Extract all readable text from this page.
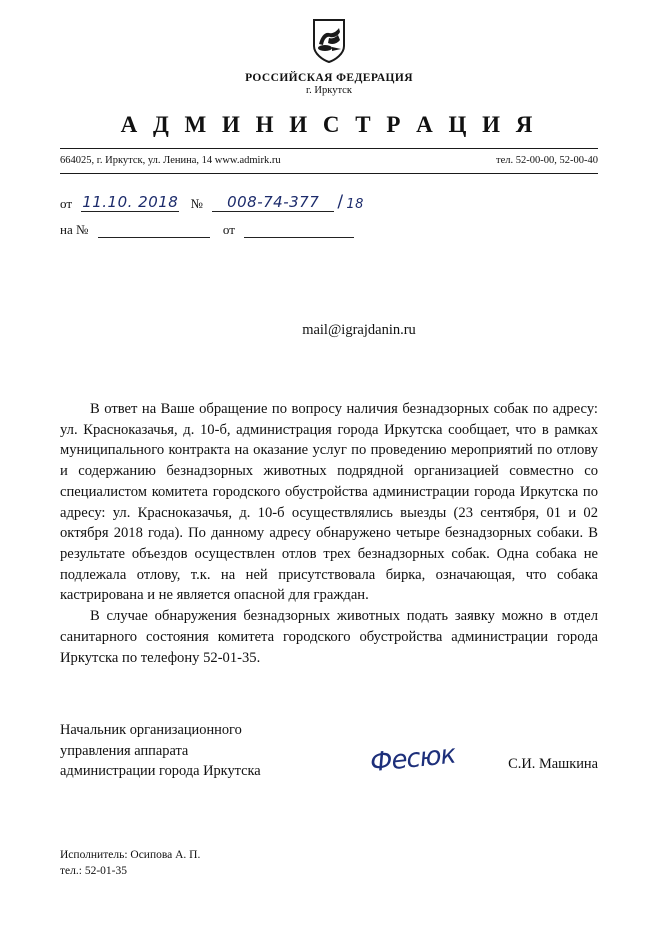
РОССИЙСКАЯ ФЕДЕРАЦИЯ
г. Иркутск
А Д М И Н И С Т Р А Ц И Я
664025, г. Иркутск, ул. Ленина, 14 www.admirk.ru	тел. 52-00-00, 52-00-40
от 11.10. 2018 № 008-74-377 / 18
на №	от
mail@igrajdanin.ru

В ответ на Ваше обращение по вопросу наличия безнадзорных собак по адресу: ул. Красноказачья, д. 10-б, администрация города Иркутска сообщает, что в рамках муниципального контракта на оказание услуг по проведению мероприятий по отлову и содержанию безнадзорных животных подрядной организацией совместно со специалистом комитета городского обустройства администрации города Иркутска по адресу: ул. Красноказачья, д. 10-б осуществлялись выезды (23 сентября, 01 и 02 октября 2018 года). По данному адресу обнаружено четыре безнадзорных собаки. В результате объездов осуществлен отлов трех безнадзорных собак. Одна собака не подлежала отлову, т.к. на ней присутствовала бирка, означающая, что собака кастрирована и не является опасной для граждан.

В случае обнаружения безнадзорных животных подать заявку можно в отдел санитарного состояния комитета городского обустройства администрации города Иркутска по телефону 52-01-35.

Начальник организационного
управления аппарата
администрации города Иркутска	Фесюк	С.И. Машкина
Исполнитель: Осипова А. П.
тел.: 52-01-35
